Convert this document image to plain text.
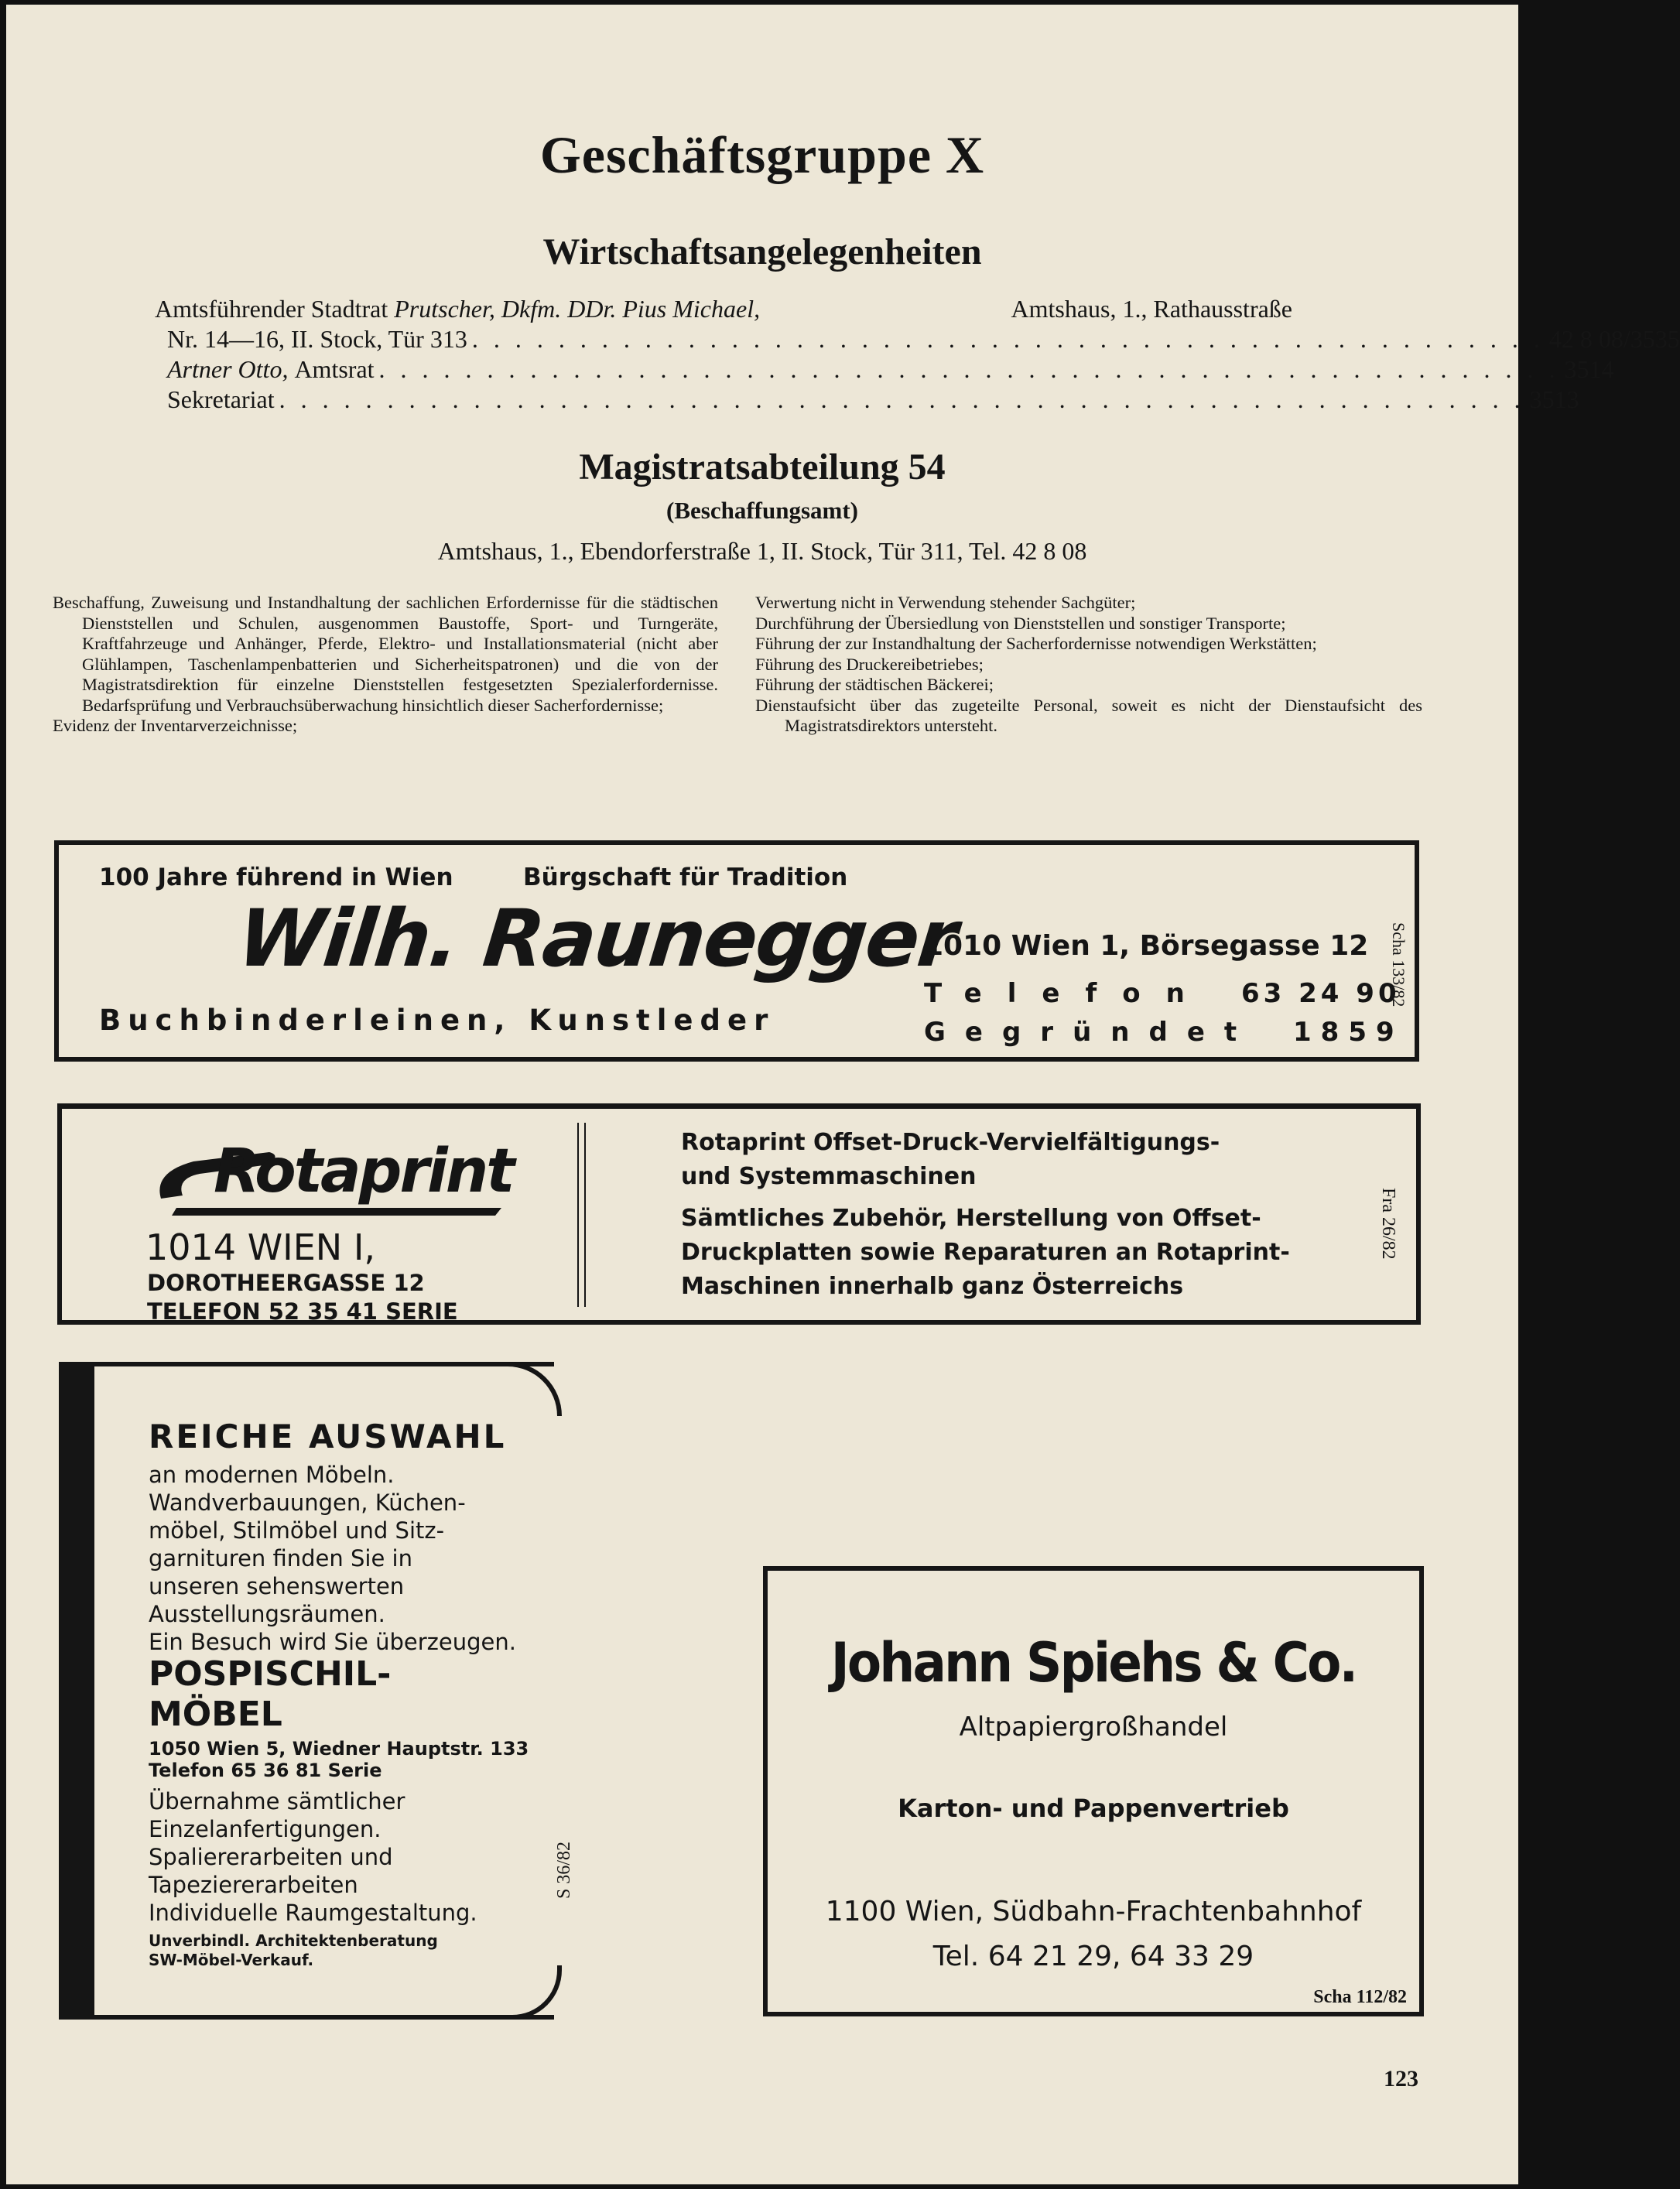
Geschäftsgruppe X
Wirtschaftsangelegenheiten
Amtsführender Stadtrat
Prutscher, Dkfm. DDr. Pius Michael,
	Amtshaus, 1., Rathausstraße
Nr. 14—16, II. Stock, Tür 313 . . . . . . . . . . . . . . . . . . . . . . . . . . . . . . . . . . . . . . . . . . . . . . . . . . 42 8 08/3535
Artner Otto,
Amtsrat . . . . . . . . . . . . . . . . . . . . . . . . . . . . . . . . . . . . . . . . . . . . . . . . . . . . . . . 3514
Sekretariat . . . . . . . . . . . . . . . . . . . . . . . . . . . . . . . . . . . . . . . . . . . . . . . . . . . . . . . . . . 3513
Magistratsabteilung 54
(Beschaffungsamt)
Amtshaus, 1., Ebendorferstraße 1, II. Stock, Tür 311, Tel. 42 8 08

Beschaffung, Zuweisung und Instandhaltung der sachlichen Erfordernisse für die städtischen Dienststellen und Schulen, ausgenommen Baustoffe, Sport- und Turngeräte, Kraftfahrzeuge und Anhänger, Pferde, Elektro- und Installationsmaterial (nicht aber Glühlampen, Taschenlampenbatterien und Sicherheitspatronen) und die von der Magistratsdirektion für einzelne Dienststellen festgesetzten Spezialerfordernisse. Bedarfsprüfung und Verbrauchsüberwachung hinsichtlich dieser Sacherfordernisse;

Evidenz der Inventarverzeichnisse;

Verwertung nicht in Verwendung stehender Sachgüter;

Durchführung der Übersiedlung von Dienststellen und sonstiger Transporte;

Führung der zur Instandhaltung der Sacherfordernisse notwendigen Werkstätten;

Führung des Druckereibetriebes;

Führung der städtischen Bäckerei;

Dienstaufsicht über das zugeteilte Personal, soweit es nicht der Dienstaufsicht des Magistratsdirektors untersteht.

100 Jahre führend in Wien	Bürgschaft für Tradition
Wilh. Raunegger
Buchbinderleinen, Kunstleder
1010 Wien 1, Börsegasse 12
Telefon 63 24 90
Gegründet 1859
Scha 133/82
Rotaprint
1014 WIEN I,
DOROTHEERGASSE 12
TELEFON 52 35 41 SERIE
Rotaprint Offset-Druck-Vervielfältigungs- und Systemmaschinen
Sämtliches Zubehör, Herstellung von Offset-Druckplatten sowie Reparaturen an Rotaprint-Maschinen innerhalb ganz Österreichs
Fra 26/82
REICHE AUSWAHL
an modernen Möbeln.
Wandverbauungen, Küchen-
möbel, Stilmöbel und Sitz-
garnituren finden Sie in
unseren sehenswerten
Ausstellungsräumen.
Ein Besuch wird Sie überzeugen.
POSPISCHIL-
MÖBEL
1050 Wien 5, Wiedner Hauptstr. 133
Telefon 65 36 81 Serie
Übernahme sämtlicher
Einzelanfertigungen.
Spaliererarbeiten und
Tapeziererarbeiten
Individuelle Raumgestaltung.
Unverbindl. Architektenberatung
SW-Möbel-Verkauf.
S 36/82
Johann Spiehs & Co.
Altpapiergroßhandel
Karton- und Pappenvertrieb
1100 Wien, Südbahn-Frachtenbahnhof
Tel. 64 21 29, 64 33 29
Scha 112/82
123
